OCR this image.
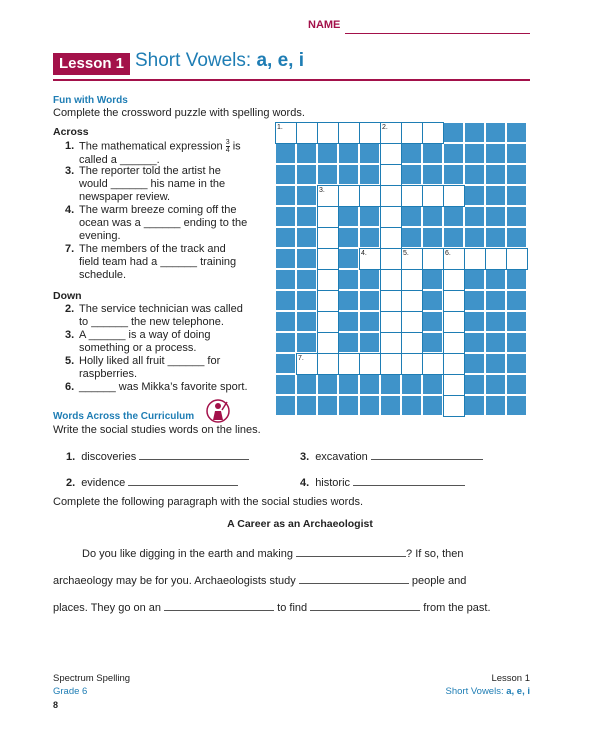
NAME
Lesson 1 Short Vowels: a, e, i
Fun with Words
Complete the crossword puzzle with spelling words.
Across
1. The mathematical expression $\frac{3}{4}$ is
called a ______.
3. The reporter told the artist he
would ______ his name in the
newspaper review.
4. The warm breeze coming off the
ocean was a ______ ending to the
evening.
7. The members of the track and
field team had a ______ training
schedule.
Down
2. The service technician was called
to ______ the new telephone.
3. A ______ is a way of doing
something or a process.
5. Holly liked all fruit ______ for
raspberries.
6. ______ was Mikka’s favorite sport.
1.	2.
3.
4.	5.	6.
7.
Words Across the Curriculum
Write the social studies words on the lines.
1. discoveries	3. excavation
2. evidence	4. historic
Complete the following paragraph with the social studies words.
A Career as an Archaeologist
Do you like digging in the earth and making	? If so, then
archaeology may be for you. Archaeologists study	people and
places. They go on an	to find	from the past.
Spectrum Spelling
Grade 6
8
Lesson 1
Short Vowels: a, e, i
